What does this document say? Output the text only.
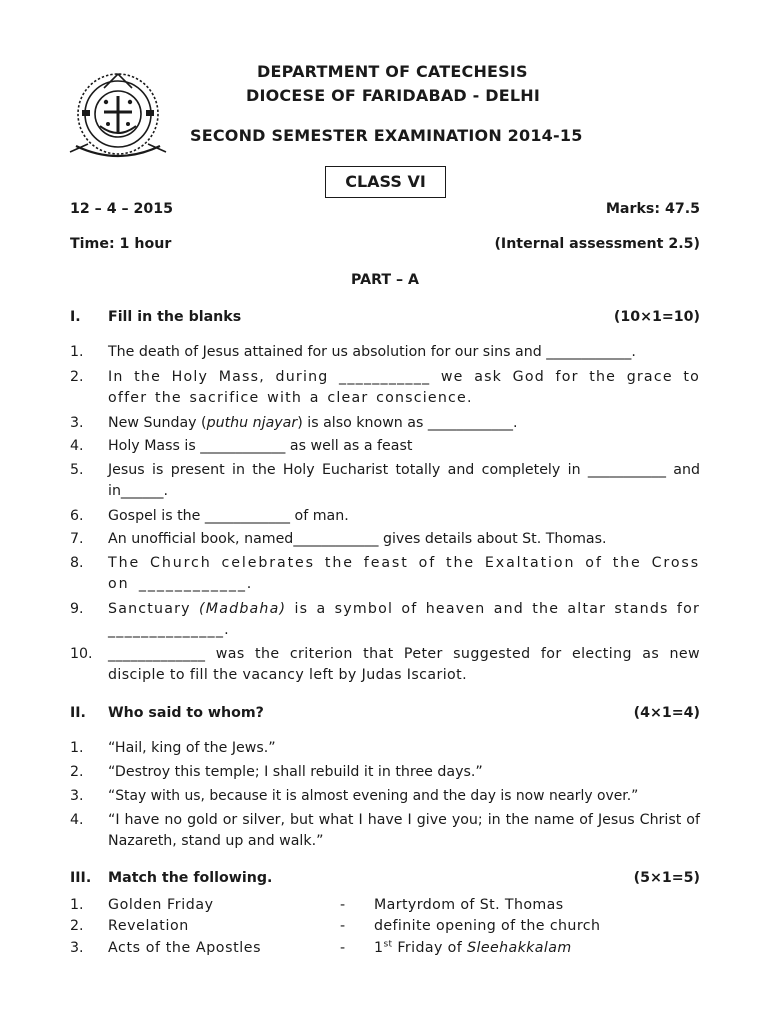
DEPARTMENT OF CATECHESIS
DIOCESE OF FARIDABAD - DELHI
SECOND SEMESTER EXAMINATION 2014-15
CLASS VI
12 – 4 – 2015	Marks: 47.5
Time: 1 hour	(Internal assessment 2.5)
PART – A
I. Fill in the blanks	(10×1=10)
1.	The death of Jesus attained for us absolution for our sins and ____________.
2.	In the Holy Mass, during ___________ we ask God for the grace to offer the sacrifice with a clear conscience.
3.	New Sunday (puthu njayar) is also known as ____________.
4.	Holy Mass is ____________ as well as a feast
5.	Jesus is present in the Holy Eucharist totally and completely in ___________ and in______.
6.	Gospel is the ____________ of man.
7.	An unofficial book, named____________ gives details about St. Thomas.
8.	The Church celebrates the feast of the Exaltation of the Cross on ____________.
9.	Sanctuary (Madbaha) is a symbol of heaven and the altar stands for ______________.
10.	_____________ was the criterion that Peter suggested for electing as new disciple to fill the vacancy left by Judas Iscariot.
II. Who said to whom?	(4×1=4)
1.	“Hail, king of the Jews.”
2.	“Destroy this temple; I shall rebuild it in three days.”
3.	“Stay with us, because it is almost evening and the day is now nearly over.”
4.	“I have no gold or silver, but what I have I give you; in the name of Jesus Christ of Nazareth, stand up and walk.”
III. Match the following.	(5×1=5)
1.	Golden Friday	-	Martyrdom of St. Thomas
2.	Revelation	-	definite opening of the church
3.	Acts of the Apostles	-	1st Friday of Sleehakkalam
